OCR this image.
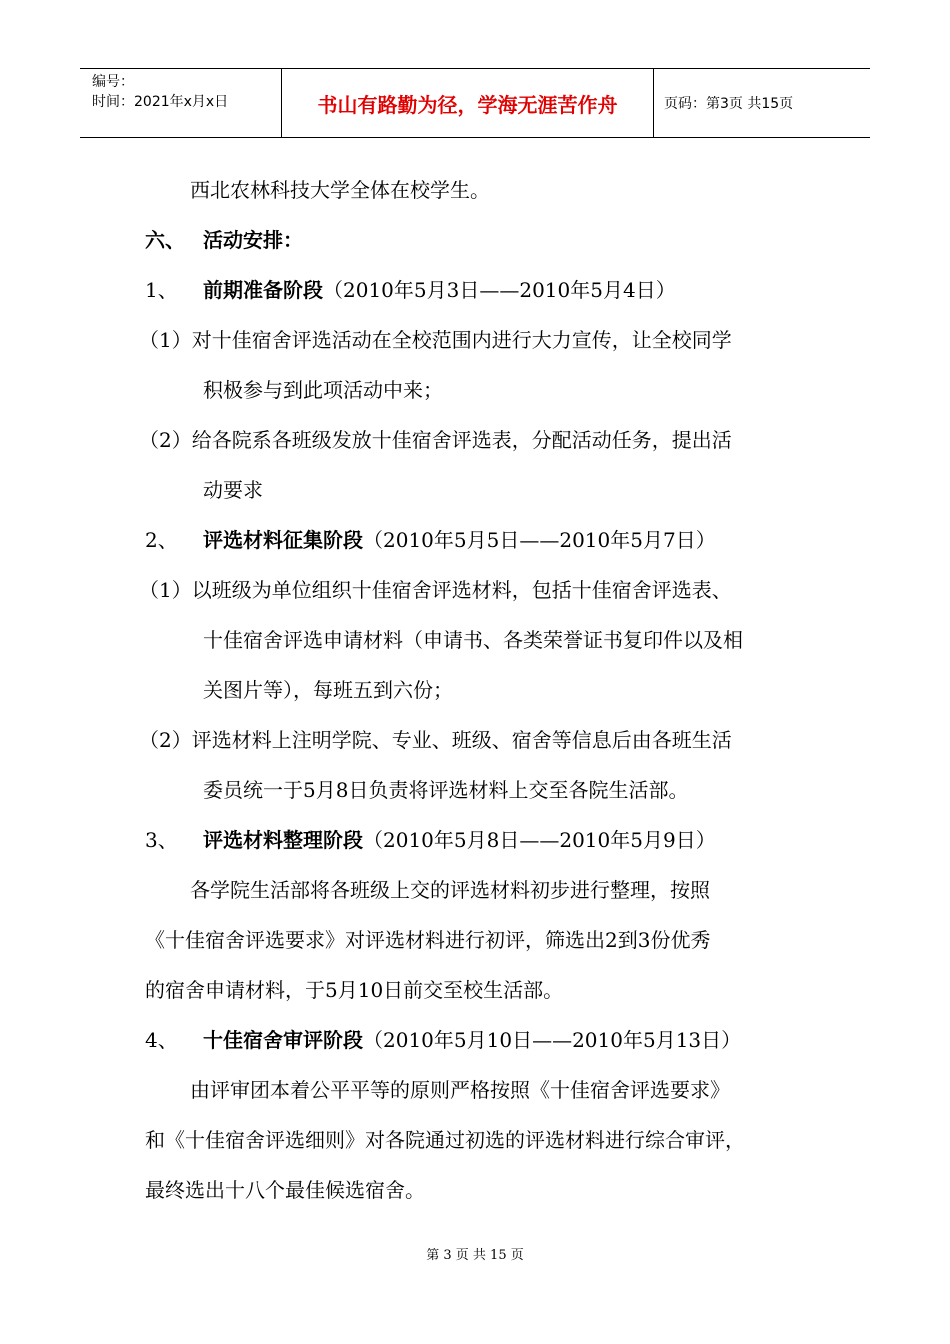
编号：
时间：2021年x月x日	书山有路勤为径，学海无涯苦作舟	页码：第3页 共15页
西北农林科技大学全体在校学生。
六、 活动安排：
1、 前期准备阶段（2010年5月3日——2010年5月4日）
（1）对十佳宿舍评选活动在全校范围内进行大力宣传，让全校同学
积极参与到此项活动中来；
（2）给各院系各班级发放十佳宿舍评选表，分配活动任务，提出活
动要求
2、 评选材料征集阶段（2010年5月5日——2010年5月7日）
（1）以班级为单位组织十佳宿舍评选材料，包括十佳宿舍评选表、
十佳宿舍评选申请材料（申请书、各类荣誉证书复印件以及相
关图片等），每班五到六份；
（2）评选材料上注明学院、专业、班级、宿舍等信息后由各班生活
委员统一于5月8日负责将评选材料上交至各院生活部。
3、 评选材料整理阶段（2010年5月8日——2010年5月9日）
各学院生活部将各班级上交的评选材料初步进行整理，按照
《十佳宿舍评选要求》对评选材料进行初评，筛选出2到3份优秀
的宿舍申请材料，于5月10日前交至校生活部。
4、 十佳宿舍审评阶段（2010年5月10日——2010年5月13日）
由评审团本着公平平等的原则严格按照《十佳宿舍评选要求》
和《十佳宿舍评选细则》对各院通过初选的评选材料进行综合审评，
最终选出十八个最佳候选宿舍。
第 3 页 共 15 页
